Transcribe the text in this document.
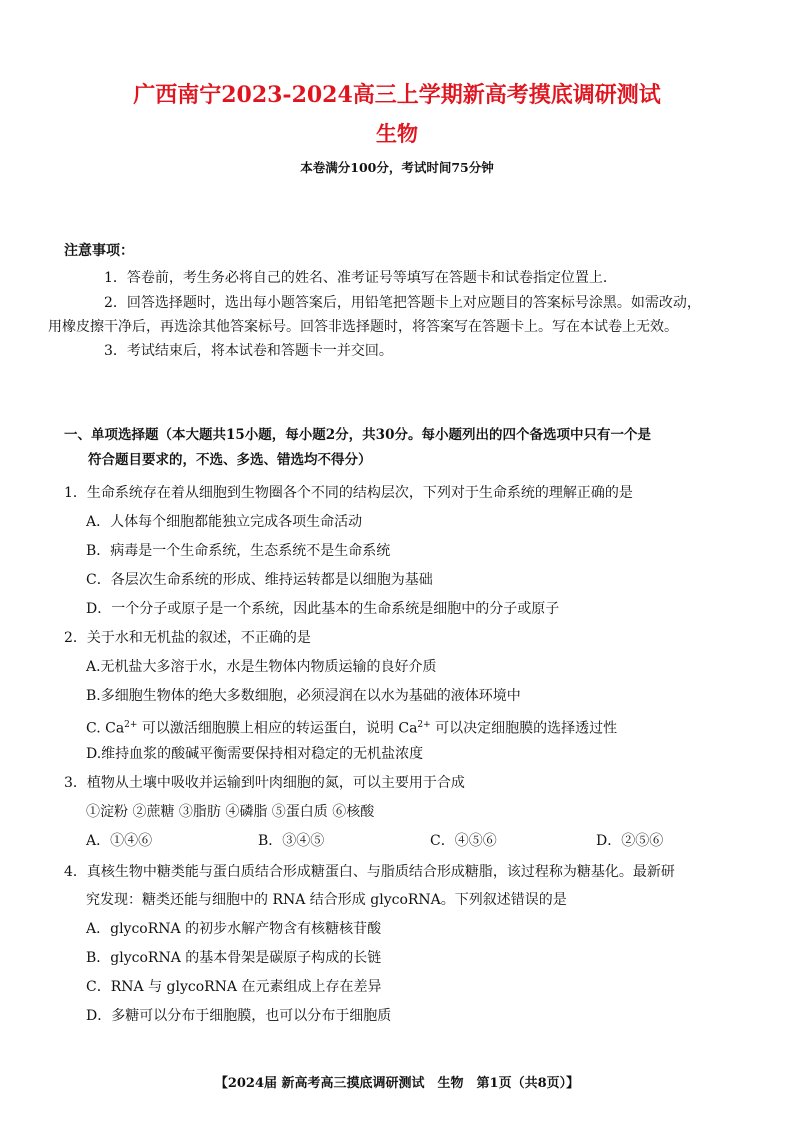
广西南宁2023-2024高三上学期新高考摸底调研测试
生物
本卷满分100分，考试时间75分钟
注意事项：
1．答卷前，考生务必将自己的姓名、准考证号等填写在答题卡和试卷指定位置上．
2．回答选择题时，选出每小题答案后，用铅笔把答题卡上对应题目的答案标号涂黑。如需改动，
用橡皮擦干净后，再选涂其他答案标号。回答非选择题时，将答案写在答题卡上。写在本试卷上无效。
3．考试结束后，将本试卷和答题卡一并交回。
一、单项选择题（本大题共15小题，每小题2分，共30分。每小题列出的四个备选项中只有一个是
符合题目要求的，不选、多选、错选均不得分）
1．生命系统存在着从细胞到生物圈各个不同的结构层次，下列对于生命系统的理解正确的是
A．人体每个细胞都能独立完成各项生命活动
B．病毒是一个生命系统，生态系统不是生命系统
C．各层次生命系统的形成、维持运转都是以细胞为基础
D．一个分子或原子是一个系统，因此基本的生命系统是细胞中的分子或原子
2．关于水和无机盐的叙述，不正确的是
A.无机盐大多溶于水，水是生物体内物质运输的良好介质
B.多细胞生物体的绝大多数细胞，必须浸润在以水为基础的液体环境中
C. $Ca^{2+}$ 可以激活细胞膜上相应的转运蛋白，说明 $Ca^{2+}$ 可以决定细胞膜的选择透过性
D.维持血浆的酸碱平衡需要保持相对稳定的无机盐浓度
3．植物从土壤中吸收并运输到叶肉细胞的氮，可以主要用于合成
①淀粉 ②蔗糖 ③脂肪 ④磷脂 ⑤蛋白质 ⑥核酸
A．①④⑥	B．③④⑤	C．④⑤⑥	D．②⑤⑥
4．真核生物中糖类能与蛋白质结合形成糖蛋白、与脂质结合形成糖脂，该过程称为糖基化。最新研
究发现：糖类还能与细胞中的 RNA 结合形成 glycoRNA。下列叙述错误的是
A．glycoRNA 的初步水解产物含有核糖核苷酸
B．glycoRNA 的基本骨架是碳原子构成的长链
C．RNA 与 glycoRNA 在元素组成上存在差异
D．多糖可以分布于细胞膜，也可以分布于细胞质
【2024届 新高考高三摸底调研测试　生物　第1页（共8页）】
